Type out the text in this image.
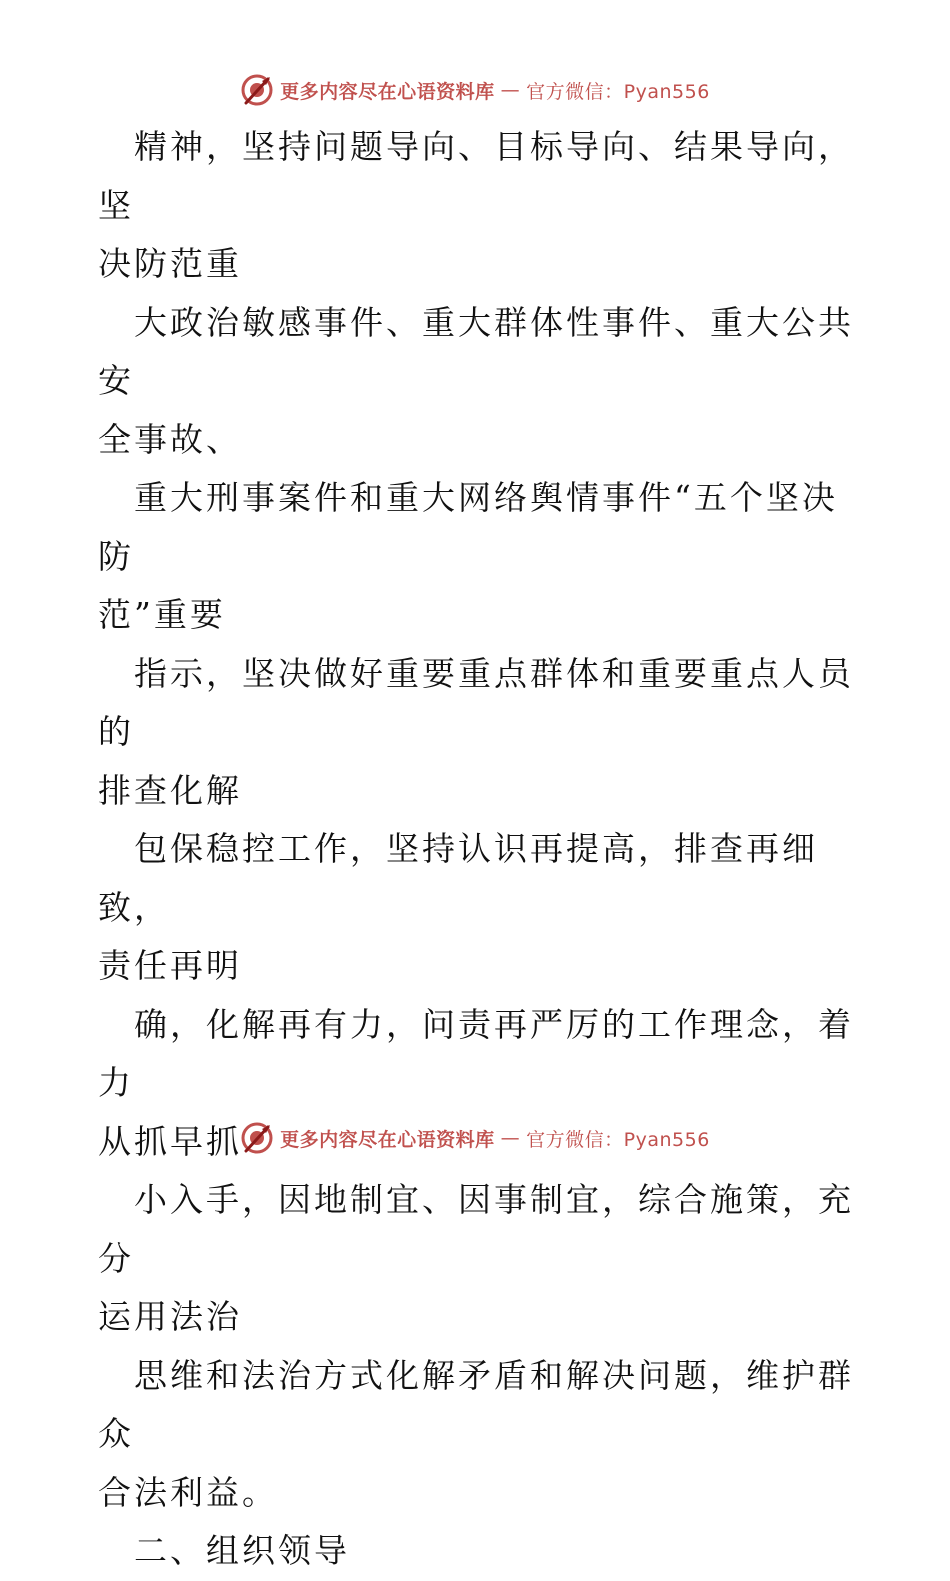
更多内容尽在心语资料库 — 官方微信：Pyan556

精神，坚持问题导向、目标导向、结果导向，坚
决防范重

大政治敏感事件、重大群体性事件、重大公共安
全事故、

重大刑事案件和重大网络舆情事件“五个坚决防
范”重要

指示，坚决做好重要重点群体和重要重点人员的
排查化解

包保稳控工作，坚持认识再提高，排查再细致，
责任再明

确，化解再有力，问责再严厉的工作理念，着力
从抓早抓

小入手，因地制宜、因事制宜，综合施策，充分
运用法治

思维和法治方式化解矛盾和解决问题，维护群众
合法利益。

二、组织领导

更多内容尽在心语资料库 — 官方微信：Pyan556
